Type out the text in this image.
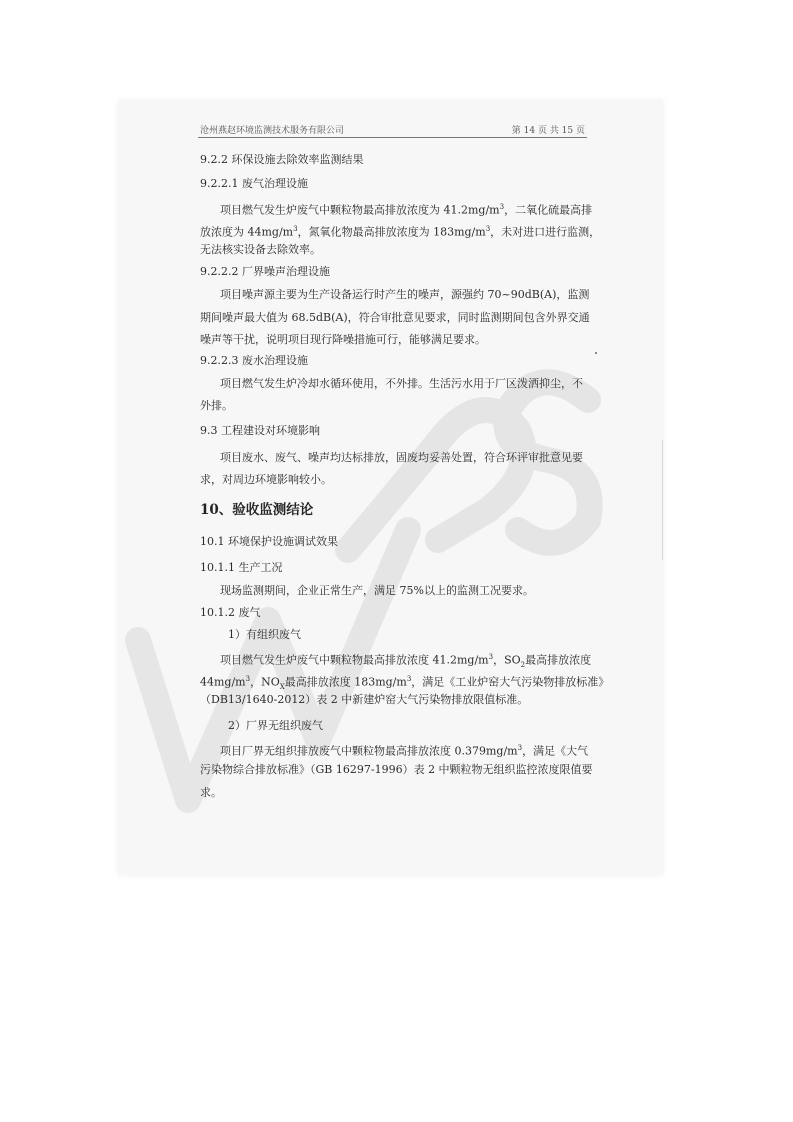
沧州燕赵环境监测技术服务有限公司	第 14 页 共 15 页
9.2.2 环保设施去除效率监测结果
9.2.2.1 废气治理设施
项目燃气发生炉废气中颗粒物最高排放浓度为 $41.2mg/m^3$，二氧化硫最高排
放浓度为 $44mg/m^3$，氮氧化物最高排放浓度为 $183mg/m^3$，未对进口进行监测，
无法核实设备去除效率。
9.2.2.2 厂界噪声治理设施
项目噪声源主要为生产设备运行时产生的噪声，源强约 70~90dB(A)，监测
期间噪声最大值为 68.5dB(A)，符合审批意见要求，同时监测期间包含外界交通
噪声等干扰，说明项目现行降噪措施可行，能够满足要求。
9.2.2.3 废水治理设施
项目燃气发生炉冷却水循环使用，不外排。生活污水用于厂区泼洒抑尘，不
外排。
9.3 工程建设对环境影响
项目废水、废气、噪声均达标排放，固废均妥善处置，符合环评审批意见要
求，对周边环境影响较小。
10、验收监测结论
10.1 环境保护设施调试效果
10.1.1 生产工况
现场监测期间，企业正常生产，满足 75%以上的监测工况要求。
10.1.2 废气
1）有组织废气
项目燃气发生炉废气中颗粒物最高排放浓度 $41.2mg/m^3$，$SO_2$最高排放浓度
$44mg/m^3$，$NO_X$最高排放浓度 $183mg/m^3$，满足《工业炉窑大气污染物排放标准》
（DB13/1640-2012）表 2 中新建炉窑大气污染物排放限值标准。
2）厂界无组织废气
项目厂界无组织排放废气中颗粒物最高排放浓度 $0.379mg/m^3$，满足《大气
污染物综合排放标准》（GB 16297-1996）表 2 中颗粒物无组织监控浓度限值要
求。
